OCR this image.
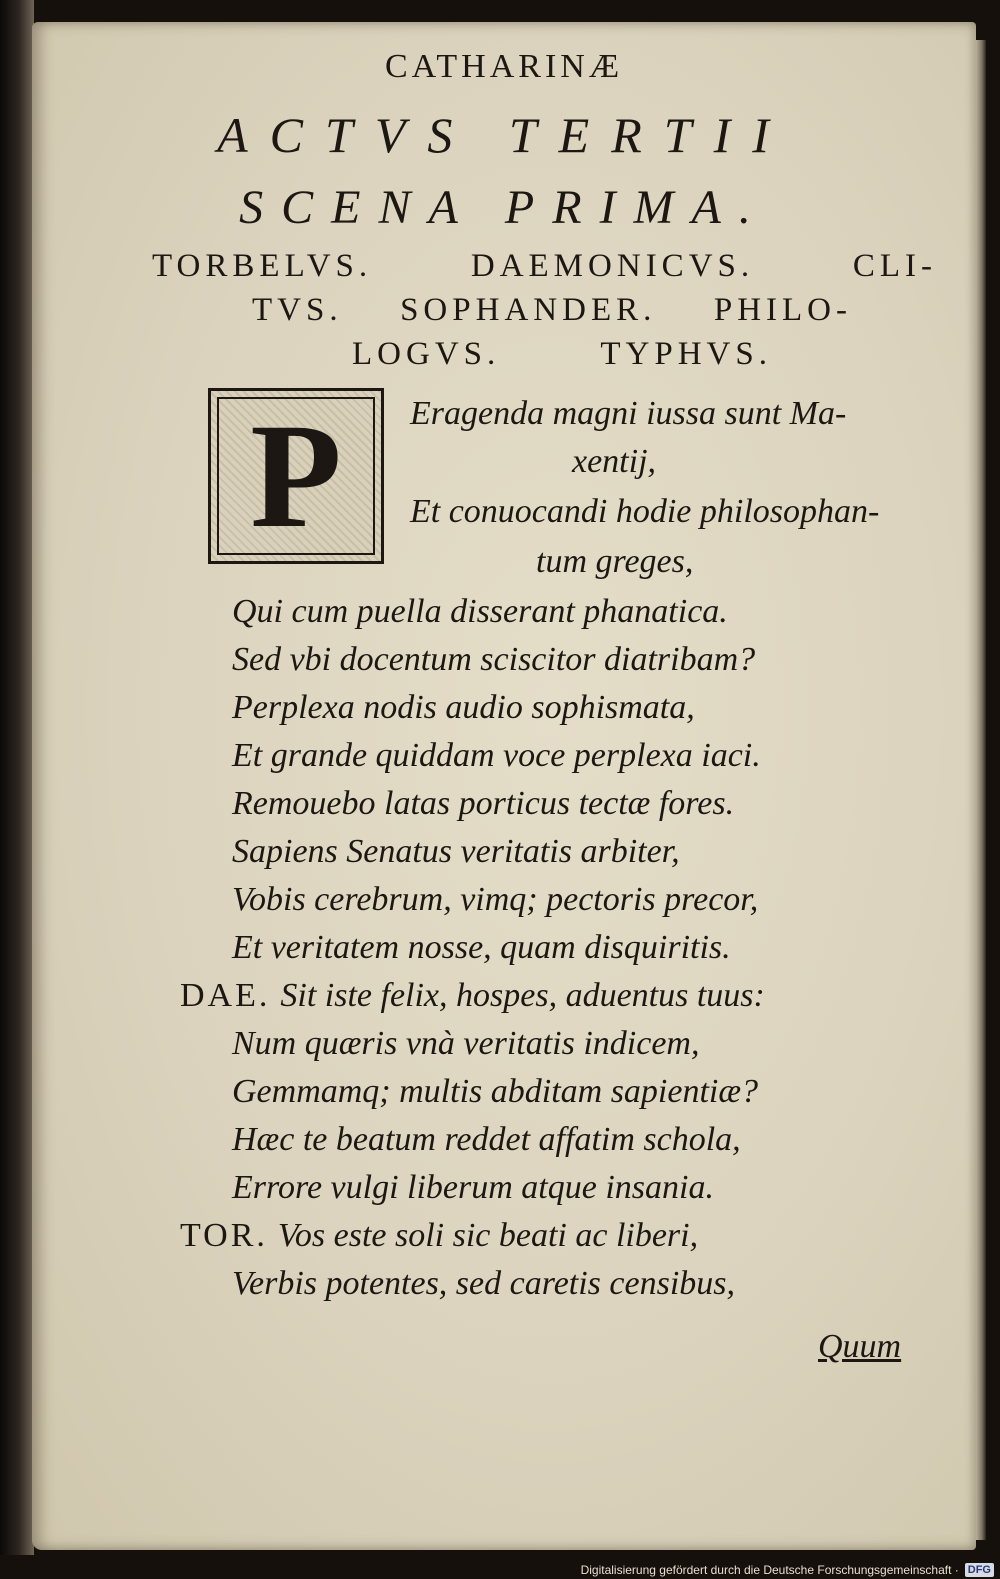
CATHARINÆ
ACTVS TERTII
SCENA PRIMA.
TORBELVS. DAEMONICVS. CLI-
TVS. SOPHANDER. PHILO-
LOGVS. TYPHVS.
P Eragenda magni iussa sunt Ma-
xentij,
Et conuocandi hodie philosophan-
tum greges,
Qui cum puella disserant phanatica.
Sed vbi docentum sciscitor diatribam?
Perplexa nodis audio sophismata,
Et grande quiddam voce perplexa iaci.
Remouebo latas porticus tectæ fores.
Sapiens Senatus veritatis arbiter,
Vobis cerebrum, vimq; pectoris precor,
Et veritatem nosse, quam disquiritis.
DAE. Sit iste felix, hospes, aduentus tuus:
Num quæris vnà veritatis indicem,
Gemmamq; multis abditam sapientiæ?
Hæc te beatum reddet affatim schola,
Errore vulgi liberum atque insania.
TOR. Vos este soli sic beati ac liberi,
Verbis potentes, sed caretis censibus,
Quum
Digitalisierung gefördert durch die Deutsche Forschungsgemeinschaft · DFG
